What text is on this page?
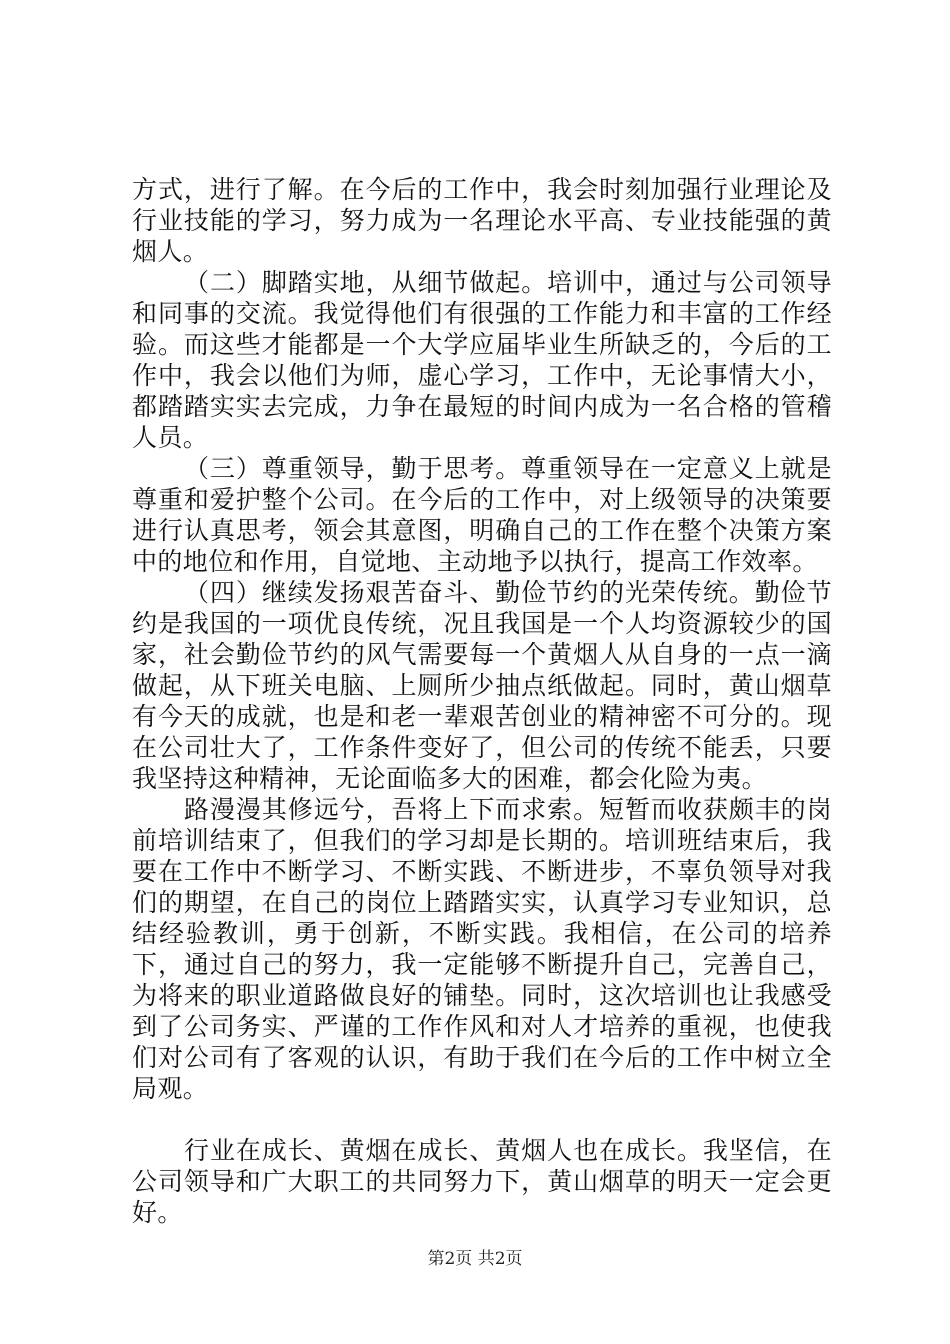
方式，进行了解。在今后的工作中，我会时刻加强行业理论及行业技能的学习，努力成为一名理论水平高、专业技能强的黄烟人。

（二）脚踏实地，从细节做起。培训中，通过与公司领导和同事的交流。我觉得他们有很强的工作能力和丰富的工作经验。而这些才能都是一个大学应届毕业生所缺乏的，今后的工作中，我会以他们为师，虚心学习，工作中，无论事情大小，都踏踏实实去完成，力争在最短的时间内成为一名合格的管稽人员。

（三）尊重领导，勤于思考。尊重领导在一定意义上就是尊重和爱护整个公司。在今后的工作中，对上级领导的决策要进行认真思考，领会其意图，明确自己的工作在整个决策方案中的地位和作用，自觉地、主动地予以执行，提高工作效率。

（四）继续发扬艰苦奋斗、勤俭节约的光荣传统。勤俭节约是我国的一项优良传统，况且我国是一个人均资源较少的国家，社会勤俭节约的风气需要每一个黄烟人从自身的一点一滴做起，从下班关电脑、上厕所少抽点纸做起。同时，黄山烟草有今天的成就，也是和老一辈艰苦创业的精神密不可分的。现在公司壮大了，工作条件变好了，但公司的传统不能丢，只要我坚持这种精神，无论面临多大的困难，都会化险为夷。

路漫漫其修远兮，吾将上下而求索。短暂而收获颇丰的岗前培训结束了，但我们的学习却是长期的。培训班结束后，我要在工作中不断学习、不断实践、不断进步，不辜负领导对我们的期望，在自己的岗位上踏踏实实，认真学习专业知识，总结经验教训，勇于创新，不断实践。我相信，在公司的培养下，通过自己的努力，我一定能够不断提升自己，完善自己，为将来的职业道路做良好的铺垫。同时，这次培训也让我感受到了公司务实、严谨的工作作风和对人才培养的重视，也使我们对公司有了客观的认识，有助于我们在今后的工作中树立全局观。

行业在成长、黄烟在成长、黄烟人也在成长。我坚信，在公司领导和广大职工的共同努力下，黄山烟草的明天一定会更好。

第2页 共2页
